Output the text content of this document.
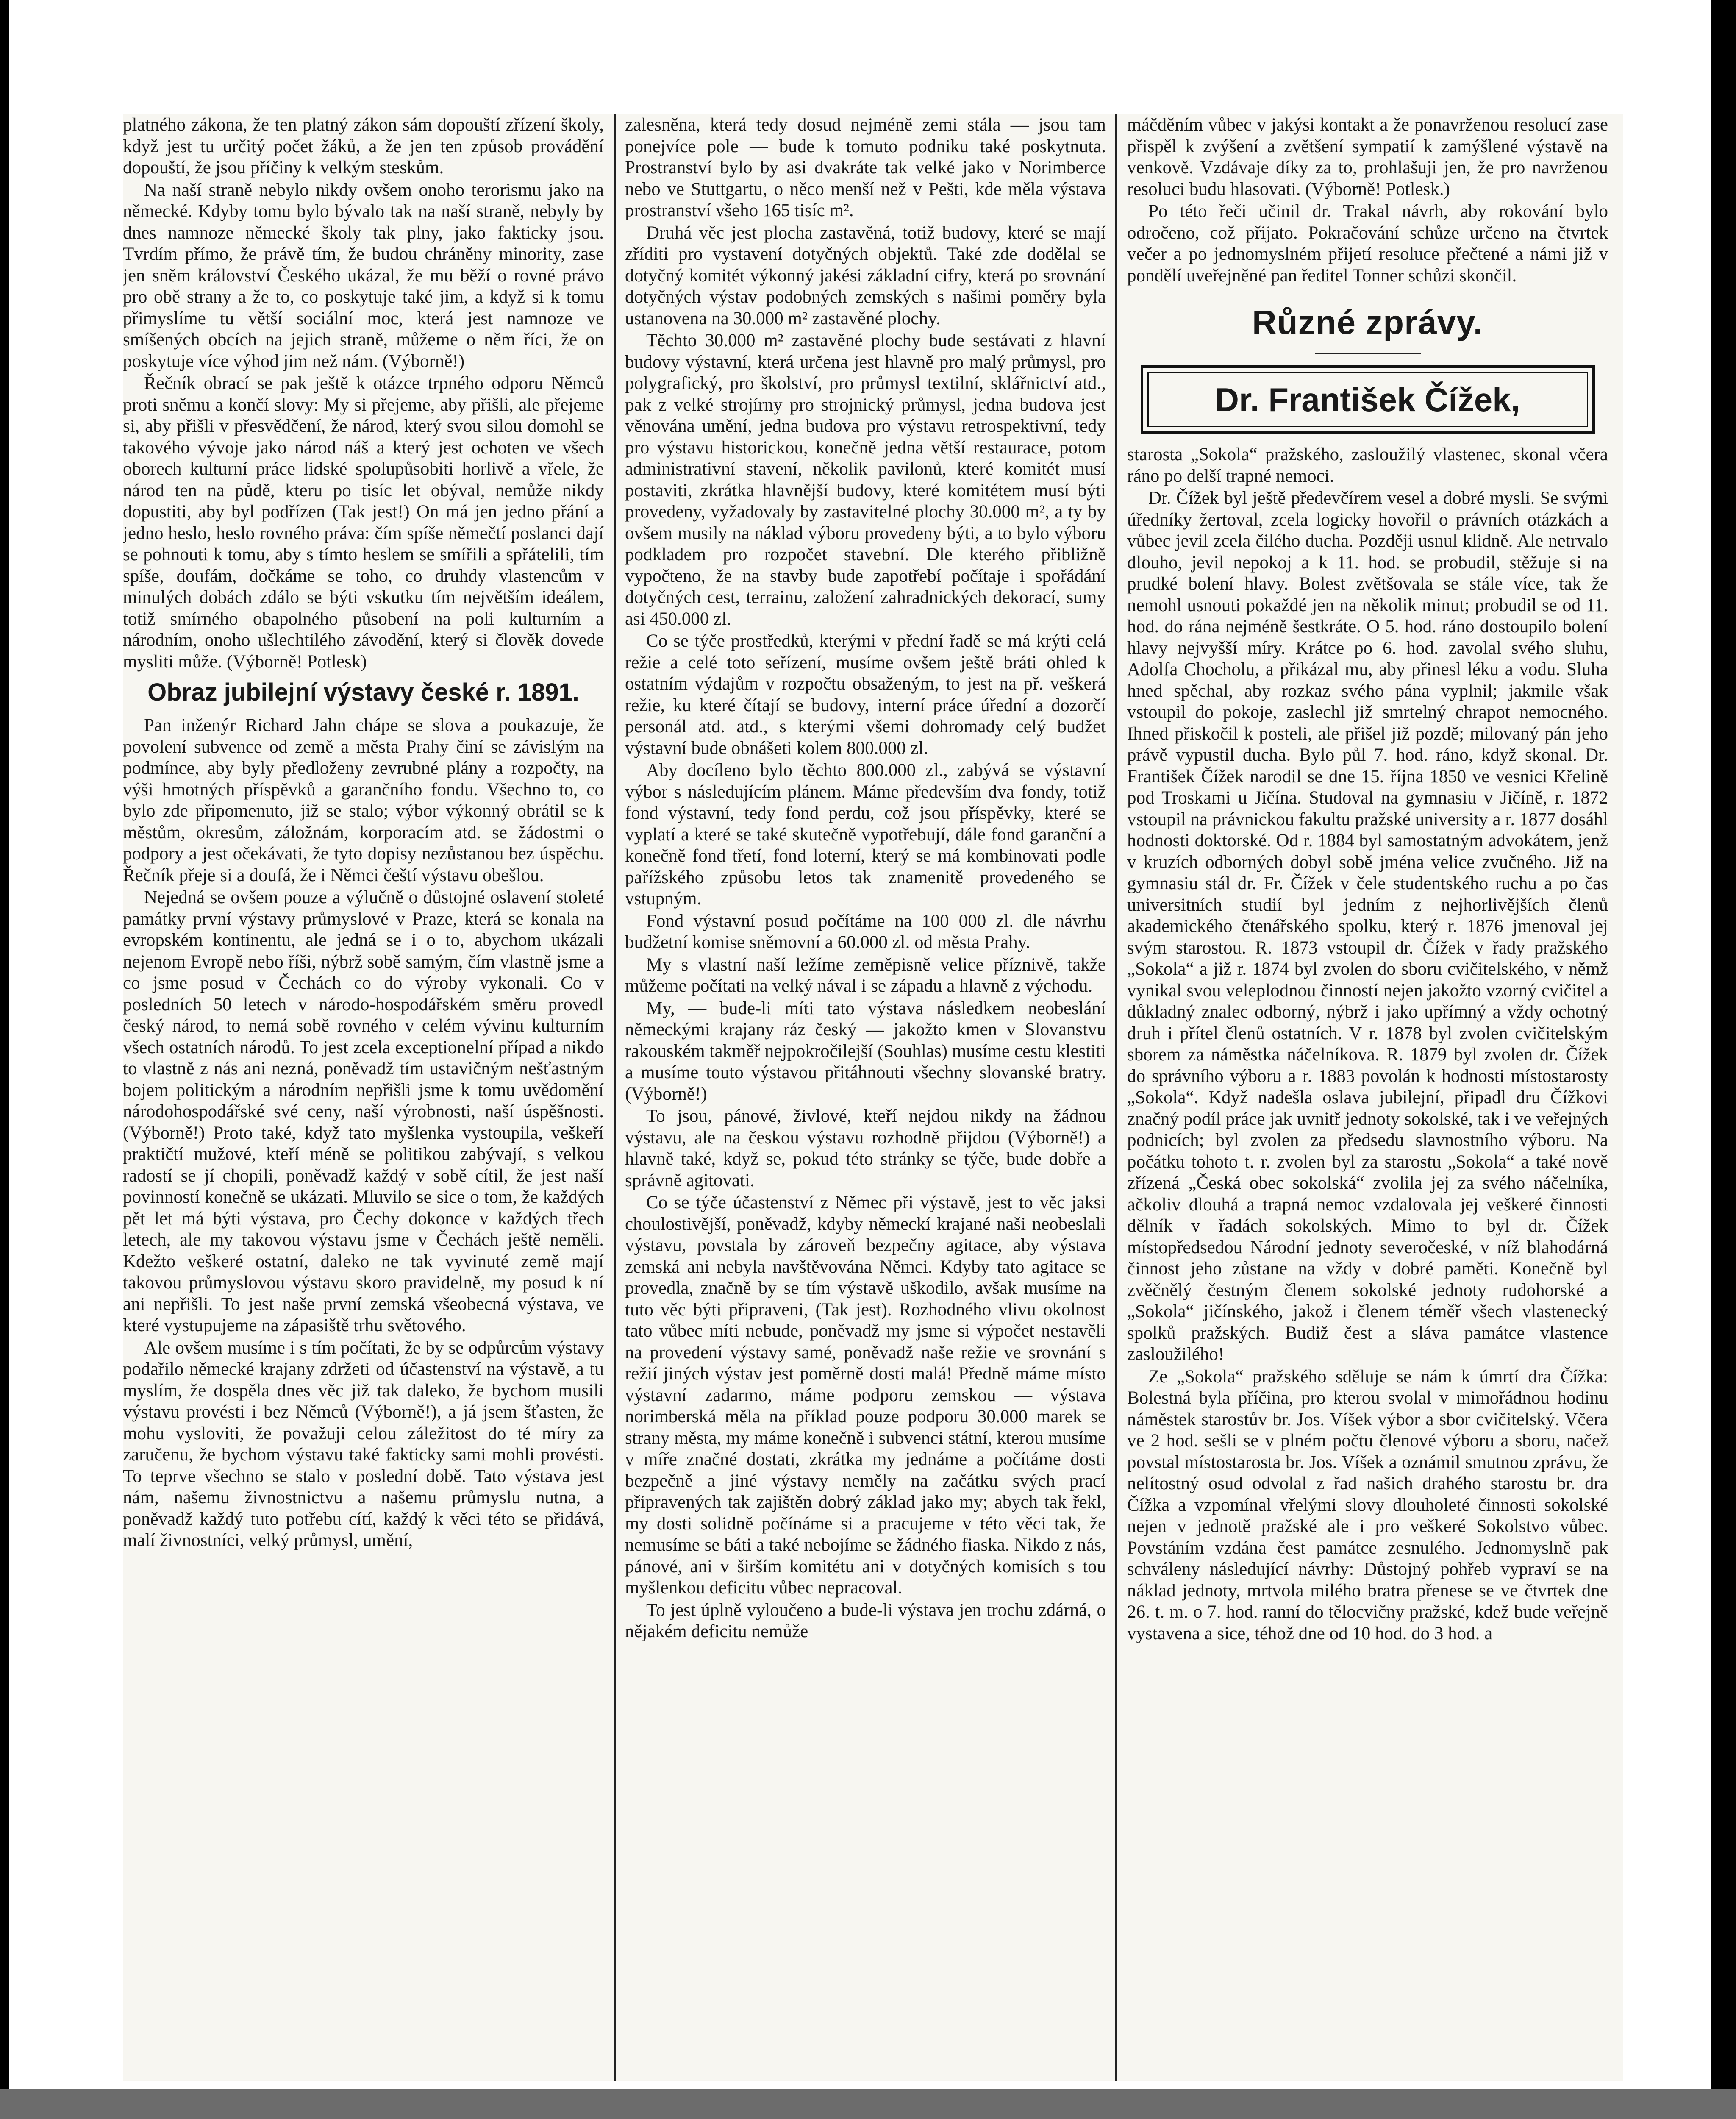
platného zákona, že ten platný zákon sám dopouští zřízení školy, když jest tu určitý počet žáků, a že jen ten způsob provádění dopouští, že jsou příčiny k velkým steskům.

Na naší straně nebylo nikdy ovšem onoho terorismu jako na německé. Kdyby tomu bylo bývalo tak na naší straně, nebyly by dnes namnoze německé školy tak plny, jako fakticky jsou. Tvrdím přímo, že právě tím, že budou chráněny minority, zase jen sněm království Českého ukázal, že mu běží o rovné právo pro obě strany a že to, co poskytuje také jim, a když si k tomu přimyslíme tu větší sociální moc, která jest namnoze ve smíšených obcích na jejich straně, můžeme o něm říci, že on poskytuje více výhod jim než nám. (Výborně!)

Řečník obrací se pak ještě k otázce trpného odporu Němců proti sněmu a končí slovy: My si přejeme, aby přišli, ale přejeme si, aby přišli v přesvědčení, že národ, který svou silou domohl se takového vývoje jako národ náš a který jest ochoten ve všech oborech kulturní práce lidské spolupůsobiti horlivě a vřele, že národ ten na půdě, kteru po tisíc let obýval, nemůže nikdy dopustiti, aby byl podřízen (Tak jest!) On má jen jedno přání a jedno heslo, heslo rovného práva: čím spíše němečtí poslanci dají se pohnouti k tomu, aby s tímto heslem se smířili a spřátelili, tím spíše, doufám, dočkáme se toho, co druhdy vlastencům v minulých dobách zdálo se býti vskutku tím největším ideálem, totiž smírného obapolného působení na poli kulturním a národním, onoho ušlechtilého závodění, který si člověk dovede mysliti může. (Výborně! Potlesk)

Obraz jubilejní výstavy české r. 1891.

Pan inženýr Richard Jahn chápe se slova a poukazuje, že povolení subvence od země a města Prahy činí se závislým na podmínce, aby byly předloženy zevrubné plány a rozpočty, na výši hmotných příspěvků a garančního fondu. Všechno to, co bylo zde připomenuto, již se stalo; výbor výkonný obrátil se k městům, okresům, záložnám, korporacím atd. se žádostmi o podpory a jest očekávati, že tyto dopisy nezůstanou bez úspěchu. Řečník přeje si a doufá, že i Němci čeští výstavu obešlou.

Nejedná se ovšem pouze a výlučně o důstojné oslavení stoleté památky první výstavy průmyslové v Praze, která se konala na evropském kontinentu, ale jedná se i o to, abychom ukázali nejenom Evropě nebo říši, nýbrž sobě samým, čím vlastně jsme a co jsme posud v Čechách co do výroby vykonali. Co v posledních 50 letech v národo-hospodářském směru provedl český národ, to nemá sobě rovného v celém vývinu kulturním všech ostatních národů. To jest zcela exceptionelní případ a nikdo to vlastně z nás ani nezná, poněvadž tím ustavičným nešťastným bojem politickým a národním nepřišli jsme k tomu uvědomění národohospodářské své ceny, naší výrobnosti, naší úspěšnosti. (Výborně!) Proto také, když tato myšlenka vystoupila, veškeří praktičtí mužové, kteří méně se politikou zabývají, s velkou radostí se jí chopili, poněvadž každý v sobě cítil, že jest naší povinností konečně se ukázati. Mluvilo se sice o tom, že každých pět let má býti výstava, pro Čechy dokonce v každých třech letech, ale my takovou výstavu jsme v Čechách ještě neměli. Kdežto veškeré ostatní, daleko ne tak vyvinuté země mají takovou průmyslovou výstavu skoro pravidelně, my posud k ní ani nepřišli. To jest naše první zemská všeobecná výstava, ve které vystupujeme na zápasiště trhu světového.

Ale ovšem musíme i s tím počítati, že by se odpůrcům výstavy podařilo německé krajany zdržeti od účastenství na výstavě, a tu myslím, že dospěla dnes věc již tak daleko, že bychom musili výstavu provésti i bez Němců (Výborně!), a já jsem šťasten, že mohu vysloviti, že považuji celou záležitost do té míry za zaručenu, že bychom výstavu také fakticky sami mohli provésti. To teprve všechno se stalo v poslední době. Tato výstava jest nám, našemu živnostnictvu a našemu průmyslu nutna, a poněvadž každý tuto potřebu cítí, každý k věci této se přidává, malí živnostníci, velký průmysl, umění,

zalesněna, která tedy dosud nejméně zemi stála — jsou tam ponejvíce pole — bude k tomuto podniku také poskytnuta. Prostranství bylo by asi dvakráte tak velké jako v Norimberce nebo ve Stuttgartu, o něco menší než v Pešti, kde měla výstava prostranství všeho 165 tisíc m².

Druhá věc jest plocha zastavěná, totiž budovy, které se mají zříditi pro vystavení dotyčných objektů. Také zde dodělal se dotyčný komitét výkonný jakési základní cifry, která po srovnání dotyčných výstav podobných zemských s našimi poměry byla ustanovena na 30.000 m² zastavěné plochy.

Těchto 30.000 m² zastavěné plochy bude sestávati z hlavní budovy výstavní, která určena jest hlavně pro malý průmysl, pro polygrafický, pro školství, pro průmysl textilní, sklářnictví atd., pak z velké strojírny pro strojnický průmysl, jedna budova jest věnována umění, jedna budova pro výstavu retrospektivní, tedy pro výstavu historickou, konečně jedna větší restaurace, potom administrativní stavení, několik pavilonů, které komitét musí postaviti, zkrátka hlavnější budovy, které komitétem musí býti provedeny, vyžadovaly by zastavitelné plochy 30.000 m², a ty by ovšem musily na náklad výboru provedeny býti, a to bylo výboru podkladem pro rozpočet stavební. Dle kterého přibližně vypočteno, že na stavby bude zapotřebí počítaje i spořádání dotyčných cest, terrainu, založení zahradnických dekorací, sumy asi 450.000 zl.

Co se týče prostředků, kterými v přední řadě se má krýti celá režie a celé toto seřízení, musíme ovšem ještě bráti ohled k ostatním výdajům v rozpočtu obsaženým, to jest na př. veškerá režie, ku které čítají se budovy, interní práce úřední a dozorčí personál atd. atd., s kterými všemi dohromady celý budžet výstavní bude obnášeti kolem 800.000 zl.

Aby docíleno bylo těchto 800.000 zl., zabývá se výstavní výbor s následujícím plánem. Máme především dva fondy, totiž fond výstavní, tedy fond perdu, což jsou příspěvky, které se vyplatí a které se také skutečně vypotřebují, dále fond garanční a konečně fond třetí, fond loterní, který se má kombinovati podle pařížského způsobu letos tak znamenitě provedeného se vstupným.

Fond výstavní posud počítáme na 100 000 zl. dle návrhu budžetní komise sněmovní a 60.000 zl. od města Prahy.

My s vlastní naší ležíme zeměpisně velice příznivě, takže můžeme počítati na velký nával i se západu a hlavně z východu.

My, — bude-li míti tato výstava následkem neobeslání německými krajany ráz český — jakožto kmen v Slovanstvu rakouském takměř nejpokročilejší (Souhlas) musíme cestu klestiti a musíme touto výstavou přitáhnouti všechny slovanské bratry. (Výborně!)

To jsou, pánové, živlové, kteří nejdou nikdy na žádnou výstavu, ale na českou výstavu rozhodně přijdou (Výborně!) a hlavně také, když se, pokud této stránky se týče, bude dobře a správně agitovati.

Co se týče účastenství z Němec při výstavě, jest to věc jaksi choulostivější, poněvadž, kdyby německí krajané naši neobeslali výstavu, povstala by zároveň bezpečny agitace, aby výstava zemská ani nebyla navštěvována Němci. Kdyby tato agitace se provedla, značně by se tím výstavě uškodilo, avšak musíme na tuto věc býti připraveni, (Tak jest). Rozhodného vlivu okolnost tato vůbec míti nebude, poněvadž my jsme si výpočet nestavěli na provedení výstavy samé, poněvadž naše režie ve srovnání s režií jiných výstav jest poměrně dosti malá! Předně máme místo výstavní zadarmo, máme podporu zemskou — výstava norimberská měla na příklad pouze podporu 30.000 marek se strany města, my máme konečně i subvenci státní, kterou musíme v míře značné dostati, zkrátka my jednáme a počítáme dosti bezpečně a jiné výstavy neměly na začátku svých prací připravených tak zajištěn dobrý základ jako my; abych tak řekl, my dosti solidně počínáme si a pracujeme v této věci tak, že nemusíme se báti a také nebojíme se žádného fiaska. Nikdo z nás, pánové, ani v širším komitétu ani v dotyčných komisích s tou myšlenkou deficitu vůbec nepracoval.

To jest úplně vyloučeno a bude-li výstava jen trochu zdárná, o nějakém deficitu nemůže

máčděním vůbec v jakýsi kontakt a že ponavrženou resolucí zase přispěl k zvýšení a zvětšení sympatií k zamýšlené výstavě na venkově. Vzdávaje díky za to, prohlašuji jen, že pro navrženou resoluci budu hlasovati. (Výborně! Potlesk.)

Po této řeči učinil dr. Trakal návrh, aby rokování bylo odročeno, což přijato. Pokračování schůze určeno na čtvrtek večer a po jednomyslném přijetí resoluce přečtené a námi již v pondělí uveřejněné pan ředitel Tonner schůzi skončil.

Různé zprávy.
Dr. František Čížek,

starosta „Sokola“ pražského, zasloužilý vlastenec, skonal včera ráno po delší trapné nemoci.

Dr. Čížek byl ještě předevčírem vesel a dobré mysli. Se svými úředníky žertoval, zcela logicky hovořil o právních otázkách a vůbec jevil zcela čilého ducha. Později usnul klidně. Ale netrvalo dlouho, jevil nepokoj a k 11. hod. se probudil, stěžuje si na prudké bolení hlavy. Bolest zvětšovala se stále více, tak že nemohl usnouti pokaždé jen na několik minut; probudil se od 11. hod. do rána nejméně šestkráte. O 5. hod. ráno dostoupilo bolení hlavy nejvyšší míry. Krátce po 6. hod. zavolal svého sluhu, Adolfa Chocholu, a přikázal mu, aby přinesl léku a vodu. Sluha hned spěchal, aby rozkaz svého pána vyplnil; jakmile však vstoupil do pokoje, zaslechl již smrtelný chrapot nemocného. Ihned přiskočil k posteli, ale přišel již pozdě; milovaný pán jeho právě vypustil ducha. Bylo půl 7. hod. ráno, když skonal. Dr. František Čížek narodil se dne 15. října 1850 ve vesnici Křelině pod Troskami u Jičína. Studoval na gymnasiu v Jičíně, r. 1872 vstoupil na právnickou fakultu pražské university a r. 1877 dosáhl hodnosti doktorské. Od r. 1884 byl samostatným advokátem, jenž v kruzích odborných dobyl sobě jména velice zvučného. Již na gymnasiu stál dr. Fr. Čížek v čele studentského ruchu a po čas universitních studií byl jedním z nejhorlivějších členů akademického čtenářského spolku, který r. 1876 jmenoval jej svým starostou. R. 1873 vstoupil dr. Čížek v řady pražského „Sokola“ a již r. 1874 byl zvolen do sboru cvičitelského, v němž vynikal svou veleplodnou činností nejen jakožto vzorný cvičitel a důkladný znalec odborný, nýbrž i jako upřímný a vždy ochotný druh i přítel členů ostatních. V r. 1878 byl zvolen cvičitelským sborem za náměstka náčelníkova. R. 1879 byl zvolen dr. Čížek do správního výboru a r. 1883 povolán k hodnosti místostarosty „Sokola“. Když nadešla oslava jubilejní, připadl dru Čížkovi značný podíl práce jak uvnitř jednoty sokolské, tak i ve veřejných podnicích; byl zvolen za předsedu slavnostního výboru. Na počátku tohoto t. r. zvolen byl za starostu „Sokola“ a také nově zřízená „Česká obec sokolská“ zvolila jej za svého náčelníka, ačkoliv dlouhá a trapná nemoc vzdalovala jej veškeré činnosti dělník v řadách sokolských. Mimo to byl dr. Čížek místopředsedou Národní jednoty severočeské, v níž blahodárná činnost jeho zůstane na vždy v dobré paměti. Konečně byl zvěčnělý čestným členem sokolské jednoty rudohorské a „Sokola“ jičínského, jakož i členem téměř všech vlastenecký spolků pražských. Budiž čest a sláva památce vlastence zasloužilého!

Ze „Sokola“ pražského sděluje se nám k úmrtí dra Čížka: Bolestná byla příčina, pro kterou svolal v mimořádnou hodinu náměstek starostův br. Jos. Víšek výbor a sbor cvičitelský. Včera ve 2 hod. sešli se v plném počtu členové výboru a sboru, načež povstal místostarosta br. Jos. Víšek a oznámil smutnou zprávu, že nelítostný osud odvolal z řad našich drahého starostu br. dra Čížka a vzpomínal vřelými slovy dlouholeté činnosti sokolské nejen v jednotě pražské ale i pro veškeré Sokolstvo vůbec. Povstáním vzdána čest památce zesnulého. Jednomyslně pak schváleny následující návrhy: Důstojný pohřeb vypraví se na náklad jednoty, mrtvola milého bratra přenese se ve čtvrtek dne 26. t. m. o 7. hod. ranní do tělocvičny pražské, kdež bude veřejně vystavena a sice, téhož dne od 10 hod. do 3 hod. a
